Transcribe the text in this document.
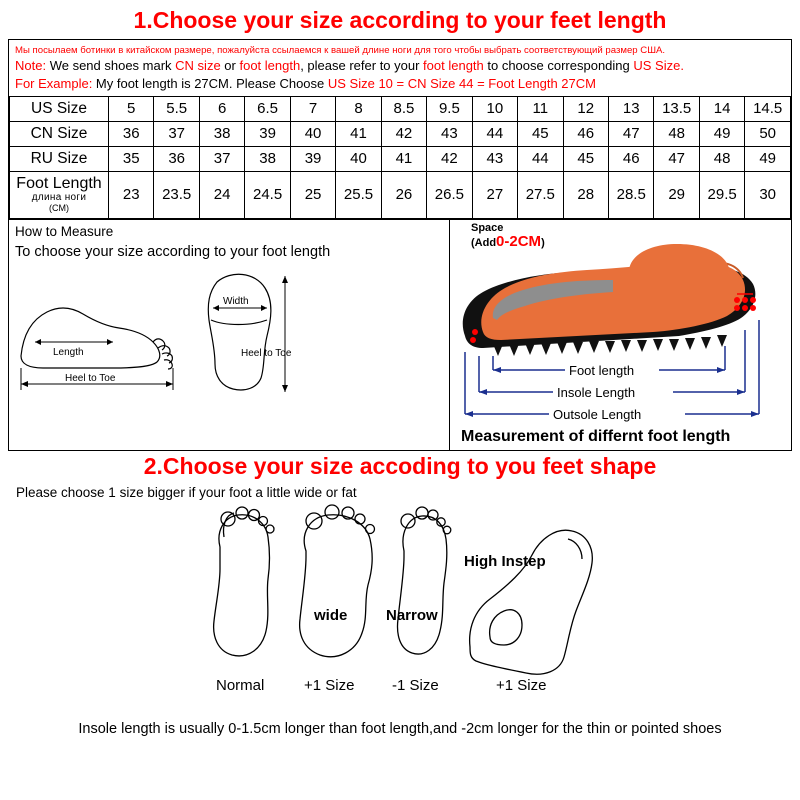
1.Choose your size according to your feet length
Мы посылаем ботинки в китайском размере, пожалуйста ссылаемся к вашей длине ноги для того чтобы выбрать соответствующий размер США.
Note: We send shoes mark CN size or foot length, please refer to your foot length to choose corresponding US Size.
For Example: My foot length is 27CM. Please Choose US Size 10 = CN Size 44 = Foot Length 27CM
US Size	5	5.5	6	6.5	7	8	8.5	9.5	10	11	12	13	13.5	14	14.5
CN Size	36	37	38	39	40	41	42	43	44	45	46	47	48	49	50
RU Size	35	36	37	38	39	40	41	42	43	44	45	46	47	48	49

Foot Length
длина ноги
(CM)	23	23.5	24	24.5	25	25.5	26	26.5	27	27.5	28	28.5	29	29.5	30
How to Measure
To choose your size according to your foot length
Length
Heel to Toe
Width
Heel to Toe
Space
(Add0-2CM)
Foot length
Insole Length
Outsole Length
Measurement of differnt foot length
2.Choose your size accoding to you feet shape
Please choose 1 size bigger if your foot a little wide or fat
Normal
wide
+1 Size
Narrow
-1 Size
High Instep
+1 Size
Insole length is usually 0-1.5cm longer than foot length,and -2cm longer for the thin or pointed shoes
